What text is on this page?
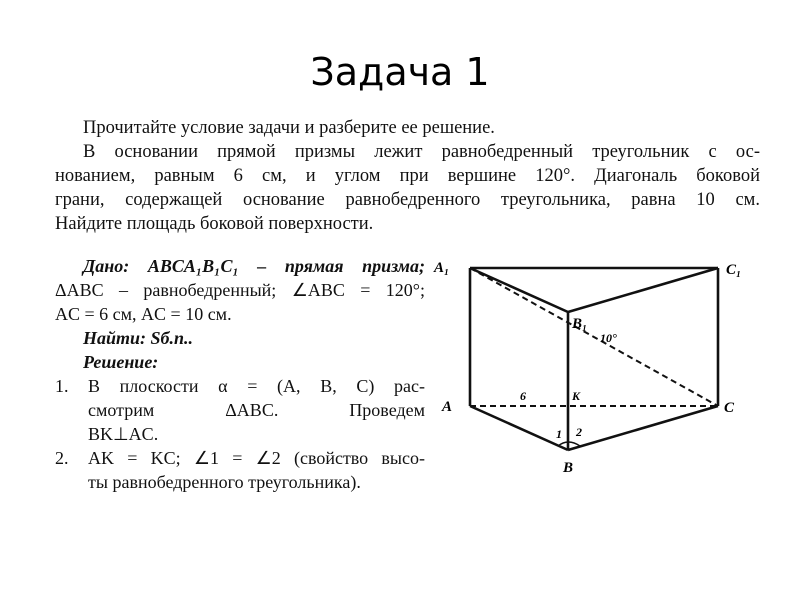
Задача 1

Прочитайте условие задачи и разберите ее решение.

В основании прямой призмы лежит равнобедренный треугольник с ос-

нованием, равным 6 см, и углом при вершине 120°. Диагональ боковой

грани, содержащей основание равнобедренного треугольника, равна 10 см.

Найдите площадь боковой поверхности.

Дано: ABCA₁B₁C₁ – прямая призма;

ΔABC – равнобедренный; ∠ABC = 120°;

AC = 6 см, AC = 10 см.

Найти: Sб.п..

Решение:

1. В плоскости α = (A, B, C) рас-

смотрим ΔABC. Проведем

BK⊥AC.

2. AK = KC; ∠1 = ∠2 (свойство высо-

ты равнобедренного треугольника).

A₁	C₁
B₁
A	C
B
K
6
10°
1 2
